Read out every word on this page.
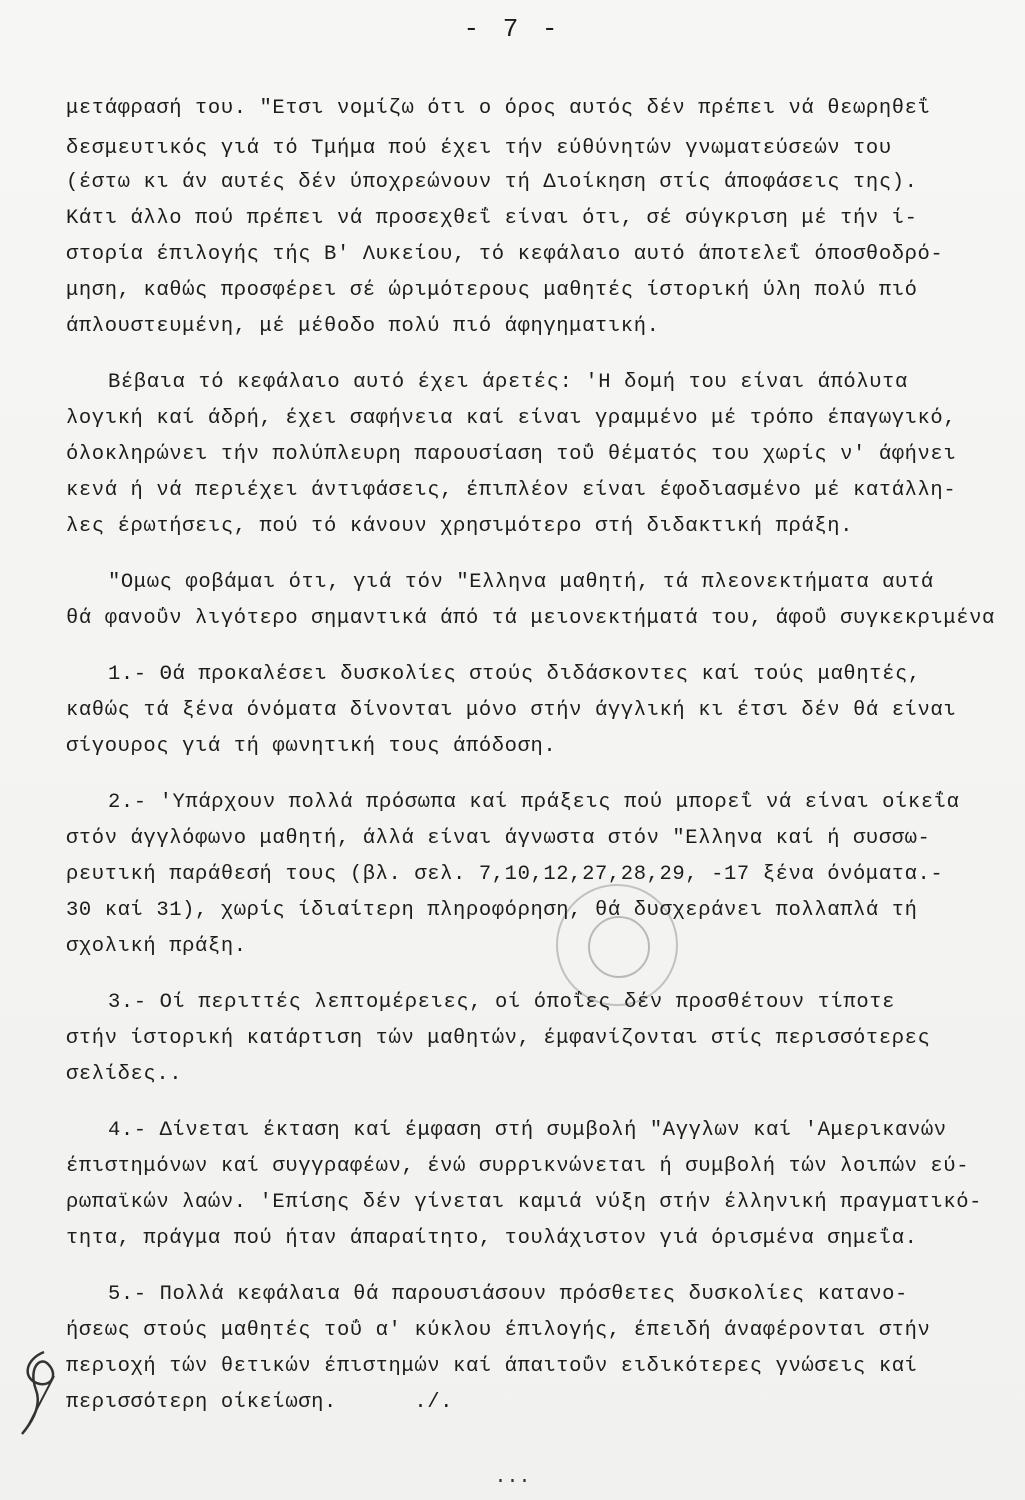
- 7 -
μετάφρασή του. "Ετσι νομίζω ότι ο όρος αυτός δέν πρέπει νά θεωρηθεΐ
δεσμευτικός γιά τό Τμήμα πού έχει τήν εύθύνητών γνωματεύσεών του
(έστω κι άν αυτές δέν ύποχρεώνουν τή Διοίκηση στίς άποφάσεις της).
Κάτι άλλο πού πρέπει νά προσεχθεΐ είναι ότι, σέ σύγκριση μέ τήν ί-
στορία έπιλογής τής Β' Λυκείου, τό κεφάλαιο αυτό άποτελεΐ όποσθοδρό-
μηση, καθώς προσφέρει σέ ώριμότερους μαθητές ίστορική ύλη πολύ πιό
άπλουστευμένη, μέ μέθοδο πολύ πιό άφηγηματική.
Βέβαια τό κεφάλαιο αυτό έχει άρετές: 'Η δομή του είναι άπόλυτα
λογική καί άδρή, έχει σαφήνεια καί είναι γραμμένο μέ τρόπο έπαγωγικό,
όλοκληρώνει τήν πολύπλευρη παρουσίαση τοΰ θέματός του χωρίς ν' άφήνει
κενά ή νά περιέχει άντιφάσεις, έπιπλέον είναι έφοδιασμένο μέ κατάλλη-
λες έρωτήσεις, πού τό κάνουν χρησιμότερο στή διδακτική πράξη.
"Ομως φοβάμαι ότι, γιά τόν "Ελληνα μαθητή, τά πλεονεκτήματα αυτά
θά φανοΰν λιγότερο σημαντικά άπό τά μειονεκτήματά του, άφοΰ συγκεκριμένα
1.- Θά προκαλέσει δυσκολίες στούς διδάσκοντες καί τούς μαθητές,
καθώς τά ξένα όνόματα δίνονται μόνο στήν άγγλική κι έτσι δέν θά είναι
σίγουρος γιά τή φωνητική τους άπόδοση.
2.- 'Υπάρχουν πολλά πρόσωπα καί πράξεις πού μπορεΐ νά είναι οίκεΐα
στόν άγγλόφωνο μαθητή, άλλά είναι άγνωστα στόν "Ελληνα καί ή συσσω-
ρευτική παράθεσή τους (βλ. σελ. 7,10,12,27,28,29, -17 ξένα όνόματα.-
30 καί 31), χωρίς ίδιαίτερη πληροφόρηση, θά δυσχεράνει πολλαπλά τή
σχολική πράξη.
3.- Οί περιττές λεπτομέρειες, οί όποΐες δέν προσθέτουν τίποτε
στήν ίστορική κατάρτιση τών μαθητών, έμφανίζονται στίς περισσότερες
σελίδες..
4.- Δίνεται έκταση καί έμφαση στή συμβολή "Αγγλων καί 'Αμερικανών
έπιστημόνων καί συγγραφέων, ένώ συρρικνώνεται ή συμβολή τών λοιπών εύ-
ρωπαϊκών λαών. 'Επίσης δέν γίνεται καμιά νύξη στήν έλληνική πραγματικό-
τητα, πράγμα πού ήταν άπαραίτητο, τουλάχιστον γιά όρισμένα σημεΐα.
5.- Πολλά κεφάλαια θά παρουσιάσουν πρόσθετες δυσκολίες κατανο-
ήσεως στούς μαθητές τοΰ α' κύκλου έπιλογής, έπειδή άναφέρονται στήν
περιοχή τών θετικών έπιστημών καί άπαιτοΰν ειδικότερες γνώσεις καί
περισσότερη οίκείωση.      ./.
...
